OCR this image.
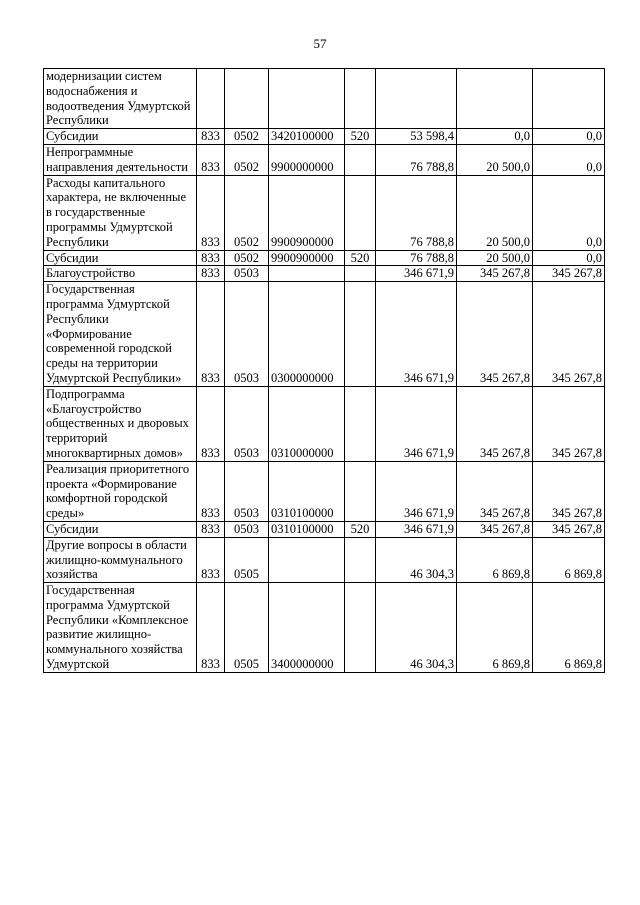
57
модернизации систем водоснабжения и водоотведения Удмуртской Республики							
Субсидии	833	0502	3420100000	520	53 598,4	0,0	0,0
Непрограммные направления деятельности	833	0502	9900000000		76 788,8	20 500,0	0,0
Расходы капитального характера, не включенные в государственные программы Удмуртской Республики	833	0502	9900900000		76 788,8	20 500,0	0,0
Субсидии	833	0502	9900900000	520	76 788,8	20 500,0	0,0
Благоустройство	833	0503			346 671,9	345 267,8	345 267,8
Государственная программа Удмуртской Республики «Формирование современной городской среды на территории Удмуртской Республики»	833	0503	0300000000		346 671,9	345 267,8	345 267,8
Подпрограмма «Благоустройство общественных и дворовых территорий многоквартирных домов»	833	0503	0310000000		346 671,9	345 267,8	345 267,8
Реализация приоритетного проекта «Формирование комфортной городской среды»	833	0503	0310100000		346 671,9	345 267,8	345 267,8
Субсидии	833	0503	0310100000	520	346 671,9	345 267,8	345 267,8
Другие вопросы в области жилищно-коммунального хозяйства	833	0505			46 304,3	6 869,8	6 869,8
Государственная программа Удмуртской Республики «Комплексное развитие жилищно-коммунального хозяйства Удмуртской	833	0505	3400000000		46 304,3	6 869,8	6 869,8
